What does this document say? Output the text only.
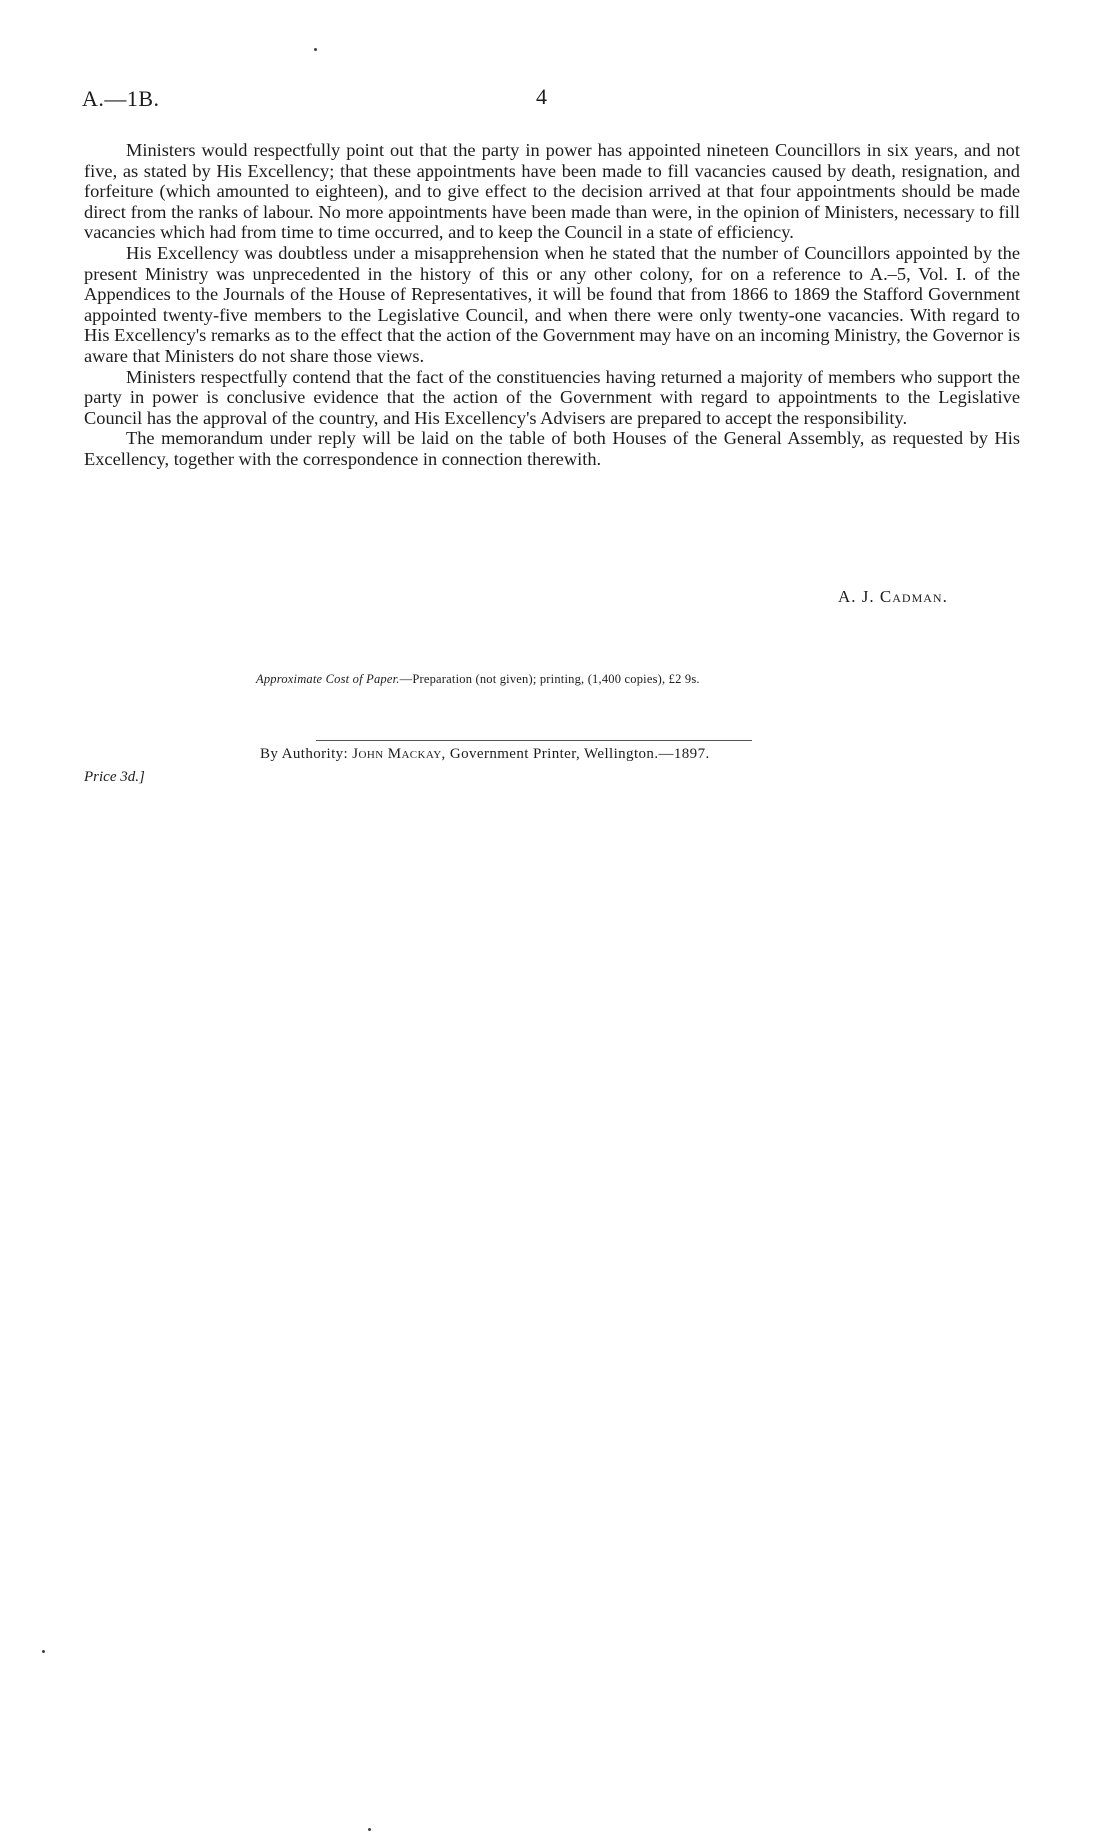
A.—1B.	4

Ministers would respectfully point out that the party in power has appointed nineteen Councillors in six years, and not five, as stated by His Excellency; that these appointments have been made to fill vacancies caused by death, resignation, and forfeiture (which amounted to eighteen), and to give effect to the decision arrived at that four appointments should be made direct from the ranks of labour. No more appointments have been made than were, in the opinion of Ministers, necessary to fill vacancies which had from time to time occurred, and to keep the Council in a state of efficiency.

His Excellency was doubtless under a misapprehension when he stated that the number of Councillors appointed by the present Ministry was unprecedented in the history of this or any other colony, for on a reference to A.–5, Vol. I. of the Appendices to the Journals of the House of Representatives, it will be found that from 1866 to 1869 the Stafford Government appointed twenty-five members to the Legislative Council, and when there were only twenty-one vacancies. With regard to His Excellency's remarks as to the effect that the action of the Government may have on an incoming Ministry, the Governor is aware that Ministers do not share those views.

Ministers respectfully contend that the fact of the constituencies having returned a majority of members who support the party in power is conclusive evidence that the action of the Government with regard to appointments to the Legislative Council has the approval of the country, and His Excellency's Advisers are prepared to accept the responsibility.

The memorandum under reply will be laid on the table of both Houses of the General Assembly, as requested by His Excellency, together with the correspondence in connection therewith.

A. J. Cadman.
Approximate Cost of Paper.—Preparation (not given); printing, (1,400 copies), £2 9s.
By Authority: John Mackay, Government Printer, Wellington.—1897.
Price 3d.]
